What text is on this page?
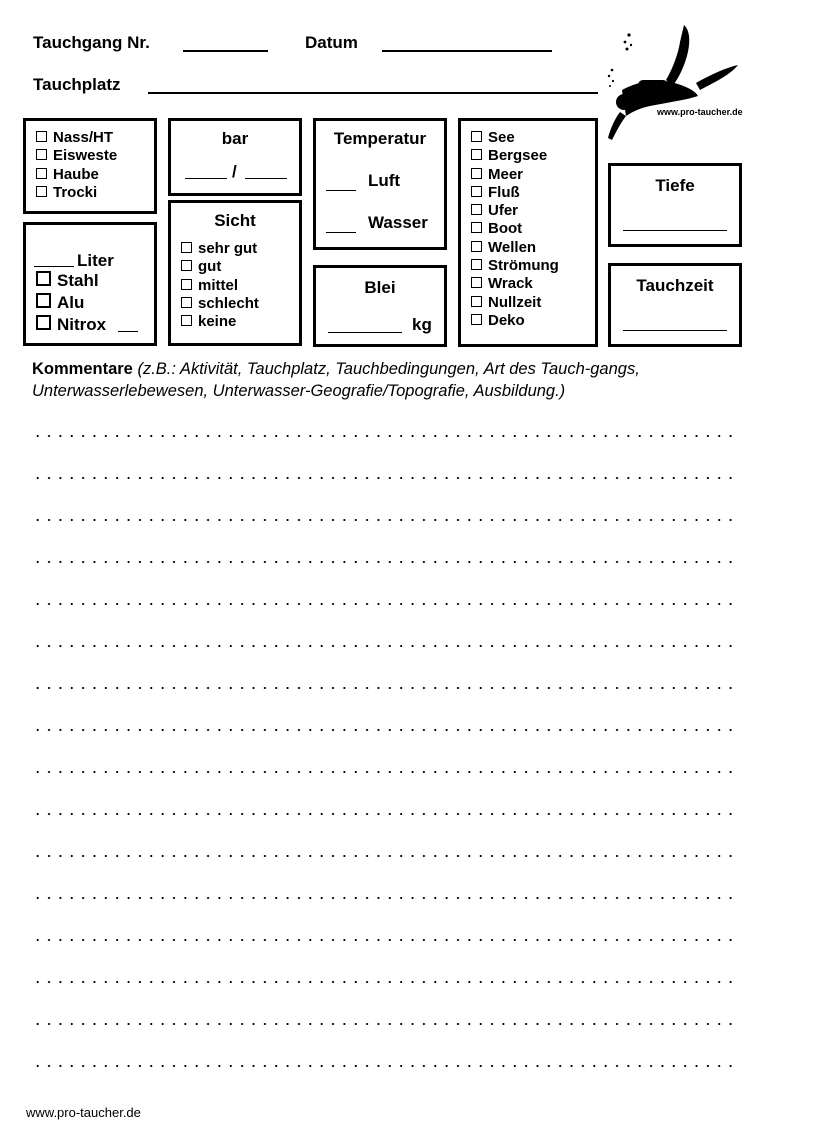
Tauchgang Nr.	Datum
Tauchplatz
www.pro-taucher.de
Nass/HT
Eisweste
Haube
Trocki
bar
/
Liter
Stahl
Alu
Nitrox
Sicht
sehr gut
gut
mittel
schlecht
keine
Temperatur
Luft
Wasser
Blei
kg
See
Bergsee
Meer
Fluß
Ufer
Boot
Wellen
Strömung
Wrack
Nullzeit
Deko
Tiefe
Tauchzeit
Kommentare (z.B.: Aktivität, Tauchplatz, Tauchbedingungen, Art des Tauch-gangs, Unterwasserlebewesen, Unterwasser-Geografie/Topografie, Ausbildung.)
www.pro-taucher.de
